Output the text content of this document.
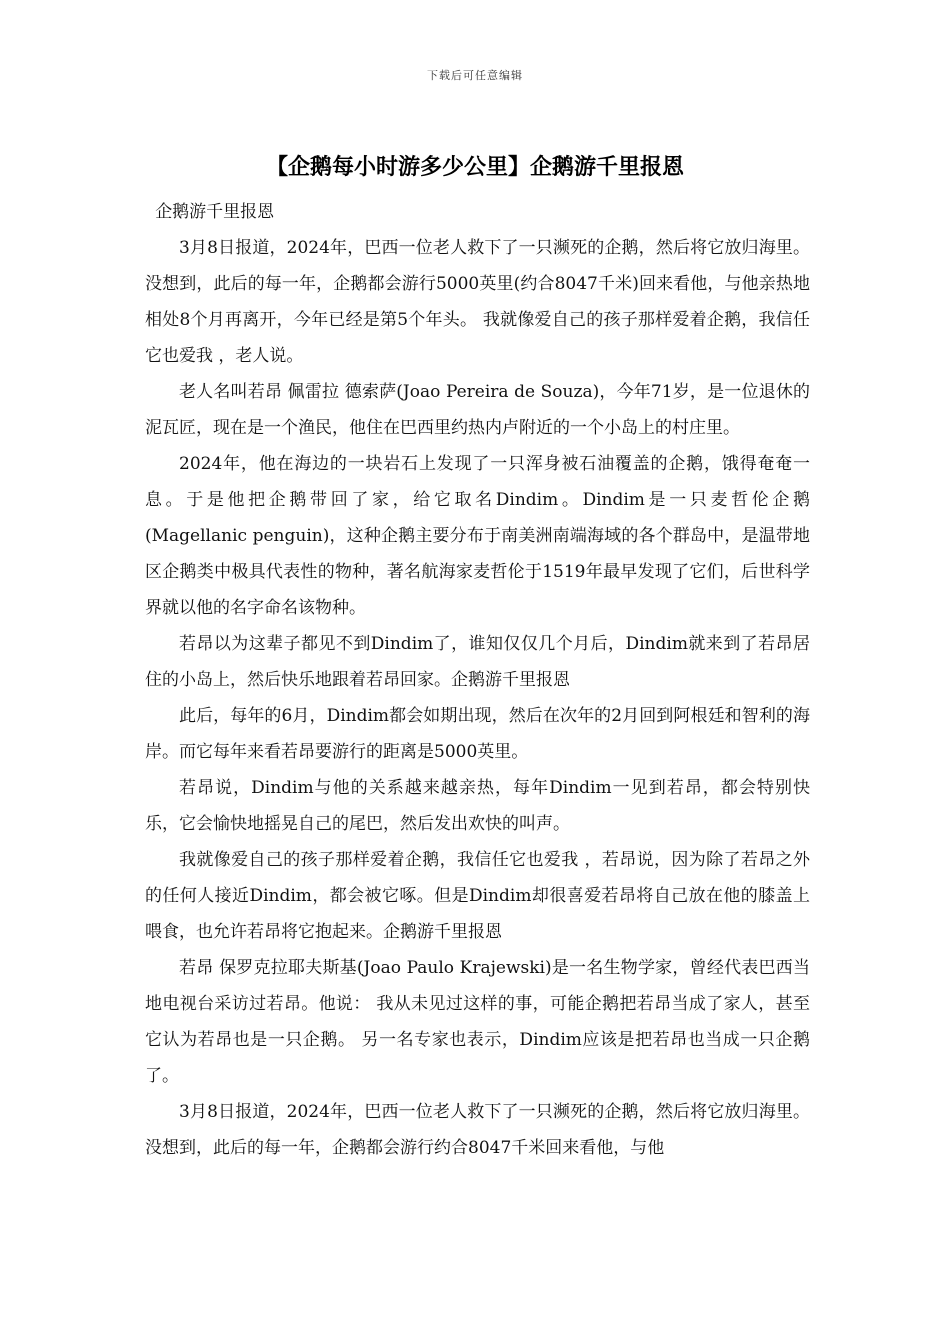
下载后可任意编辑
【企鹅每小时游多少公里】企鹅游千里报恩

企鹅游千里报恩

3月8日报道，2024年，巴西一位老人救下了一只濒死的企鹅，然后将它放归海里。没想到，此后的每一年，企鹅都会游行5000英里(约合8047千米)回来看他，与他亲热地相处8个月再离开，今年已经是第5个年头。 我就像爱自己的孩子那样爱着企鹅，我信任它也爱我 ，老人说。

老人名叫若昂 佩雷拉 德索萨(Joao Pereira de Souza)，今年71岁，是一位退休的泥瓦匠，现在是一个渔民，他住在巴西里约热内卢附近的一个小岛上的村庄里。

2024年，他在海边的一块岩石上发现了一只浑身被石油覆盖的企鹅，饿得奄奄一息。于是他把企鹅带回了家，给它取名Dindim。Dindim是一只麦哲伦企鹅(Magellanic penguin)，这种企鹅主要分布于南美洲南端海域的各个群岛中，是温带地区企鹅类中极具代表性的物种，著名航海家麦哲伦于1519年最早发现了它们，后世科学界就以他的名字命名该物种。

若昂以为这辈子都见不到Dindim了，谁知仅仅几个月后，Dindim就来到了若昂居住的小岛上，然后快乐地跟着若昂回家。企鹅游千里报恩

此后，每年的6月，Dindim都会如期出现，然后在次年的2月回到阿根廷和智利的海岸。而它每年来看若昂要游行的距离是5000英里。

若昂说，Dindim与他的关系越来越亲热，每年Dindim一见到若昂，都会特别快乐，它会愉快地摇晃自己的尾巴，然后发出欢快的叫声。

我就像爱自己的孩子那样爱着企鹅，我信任它也爱我 ，若昂说，因为除了若昂之外的任何人接近Dindim，都会被它啄。但是Dindim却很喜爱若昂将自己放在他的膝盖上喂食，也允许若昂将它抱起来。企鹅游千里报恩

若昂 保罗克拉耶夫斯基(Joao Paulo Krajewski)是一名生物学家，曾经代表巴西当地电视台采访过若昂。他说： 我从未见过这样的事，可能企鹅把若昂当成了家人，甚至它认为若昂也是一只企鹅。 另一名专家也表示，Dindim应该是把若昂也当成一只企鹅了。

3月8日报道，2024年，巴西一位老人救下了一只濒死的企鹅，然后将它放归海里。没想到，此后的每一年，企鹅都会游行约合8047千米回来看他，与他
